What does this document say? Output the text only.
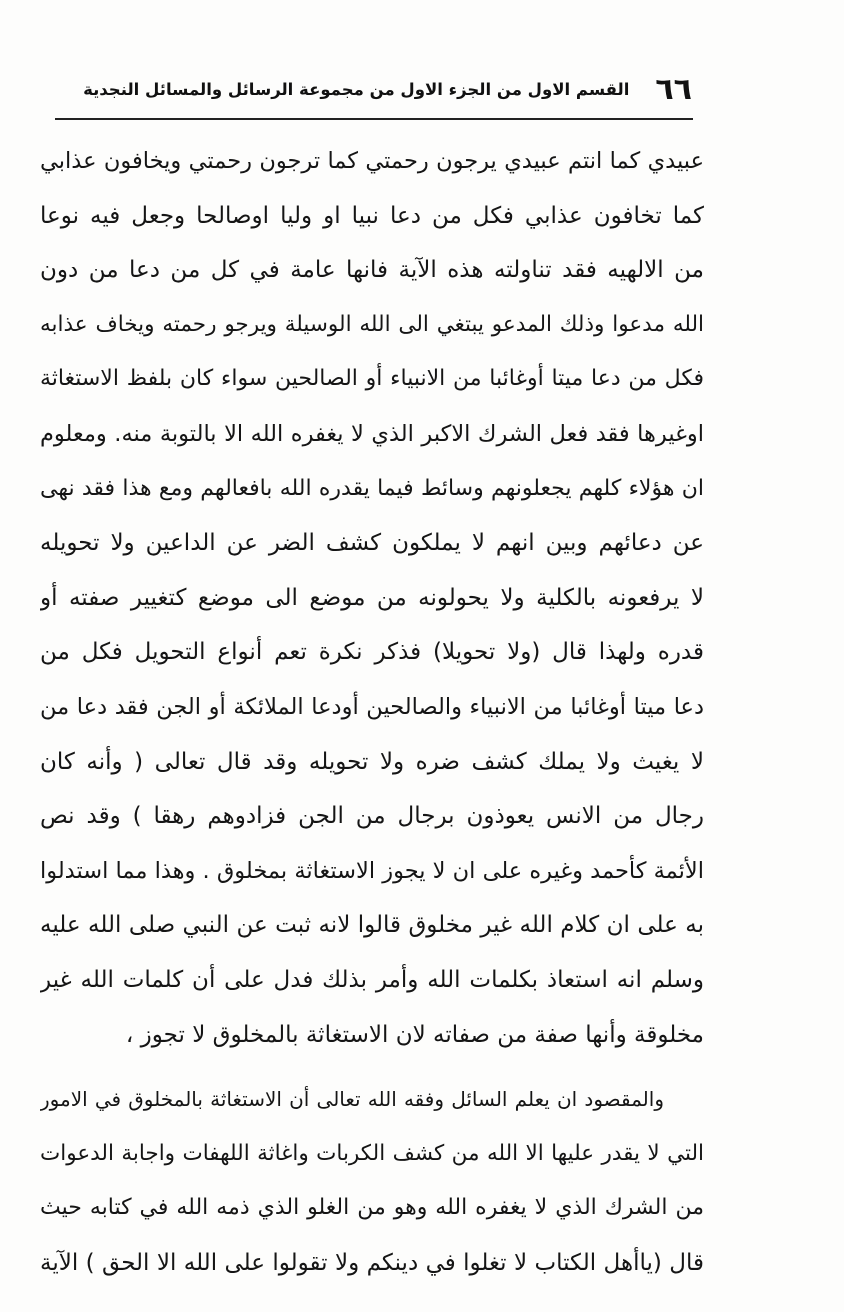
٦٦
القسم الاول من الجزء الاول من مجموعة الرسائل والمسائل النجدية
عبيدي كما انتم عبيدي يرجون رحمتي كما ترجون رحمتي ويخافون عذابي
كما تخافون عذابي فكل من دعا نبيا او وليا اوصالحا وجعل فيه نوعا
من الالهيه فقد تناولته هذه الآية فانها عامة في كل من دعا من دون
الله مدعوا وذلك المدعو يبتغي الى الله الوسيلة ويرجو رحمته ويخاف عذابه
فكل من دعا ميتا أوغائبا من الانبياء أو الصالحين سواء كان بلفظ الاستغاثة
اوغيرها فقد فعل الشرك الاكبر الذي لا يغفره الله الا بالتوبة منه. ومعلوم
ان هؤلاء كلهم يجعلونهم وسائط فيما يقدره الله بافعالهم ومع هذا فقد نهى
عن دعائهم وبين انهم لا يملكون كشف الضر عن الداعين ولا تحويله
لا يرفعونه بالكلية ولا يحولونه من موضع الى موضع كتغيير صفته أو
قدره ولهذا قال (ولا تحويلا) فذكر نكرة تعم أنواع التحويل فكل من
دعا ميتا أوغائبا من الانبياء والصالحين أودعا الملائكة أو الجن فقد دعا من
لا يغيث ولا يملك كشف ضره ولا تحويله وقد قال تعالى ( وأنه كان
رجال من الانس يعوذون برجال من الجن فزادوهم رهقا ) وقد نص
الأئمة كأحمد وغيره على ان لا يجوز الاستغاثة بمخلوق . وهذا مما استدلوا
به على ان كلام الله غير مخلوق قالوا لانه ثبت عن النبي صلى الله عليه
وسلم انه استعاذ بكلمات الله وأمر بذلك فدل على أن كلمات الله غير
مخلوقة وأنها صفة من صفاته لان الاستغاثة بالمخلوق لا تجوز ،
والمقصود ان يعلم السائل وفقه الله تعالى أن الاستغاثة بالمخلوق في الامور
التي لا يقدر عليها الا الله من كشف الكربات واغاثة اللهفات واجابة الدعوات
من الشرك الذي لا يغفره الله وهو من الغلو الذي ذمه الله في كتابه حيث
قال (ياأهل الكتاب لا تغلوا في دينكم ولا تقولوا على الله الا الحق ) الآية
